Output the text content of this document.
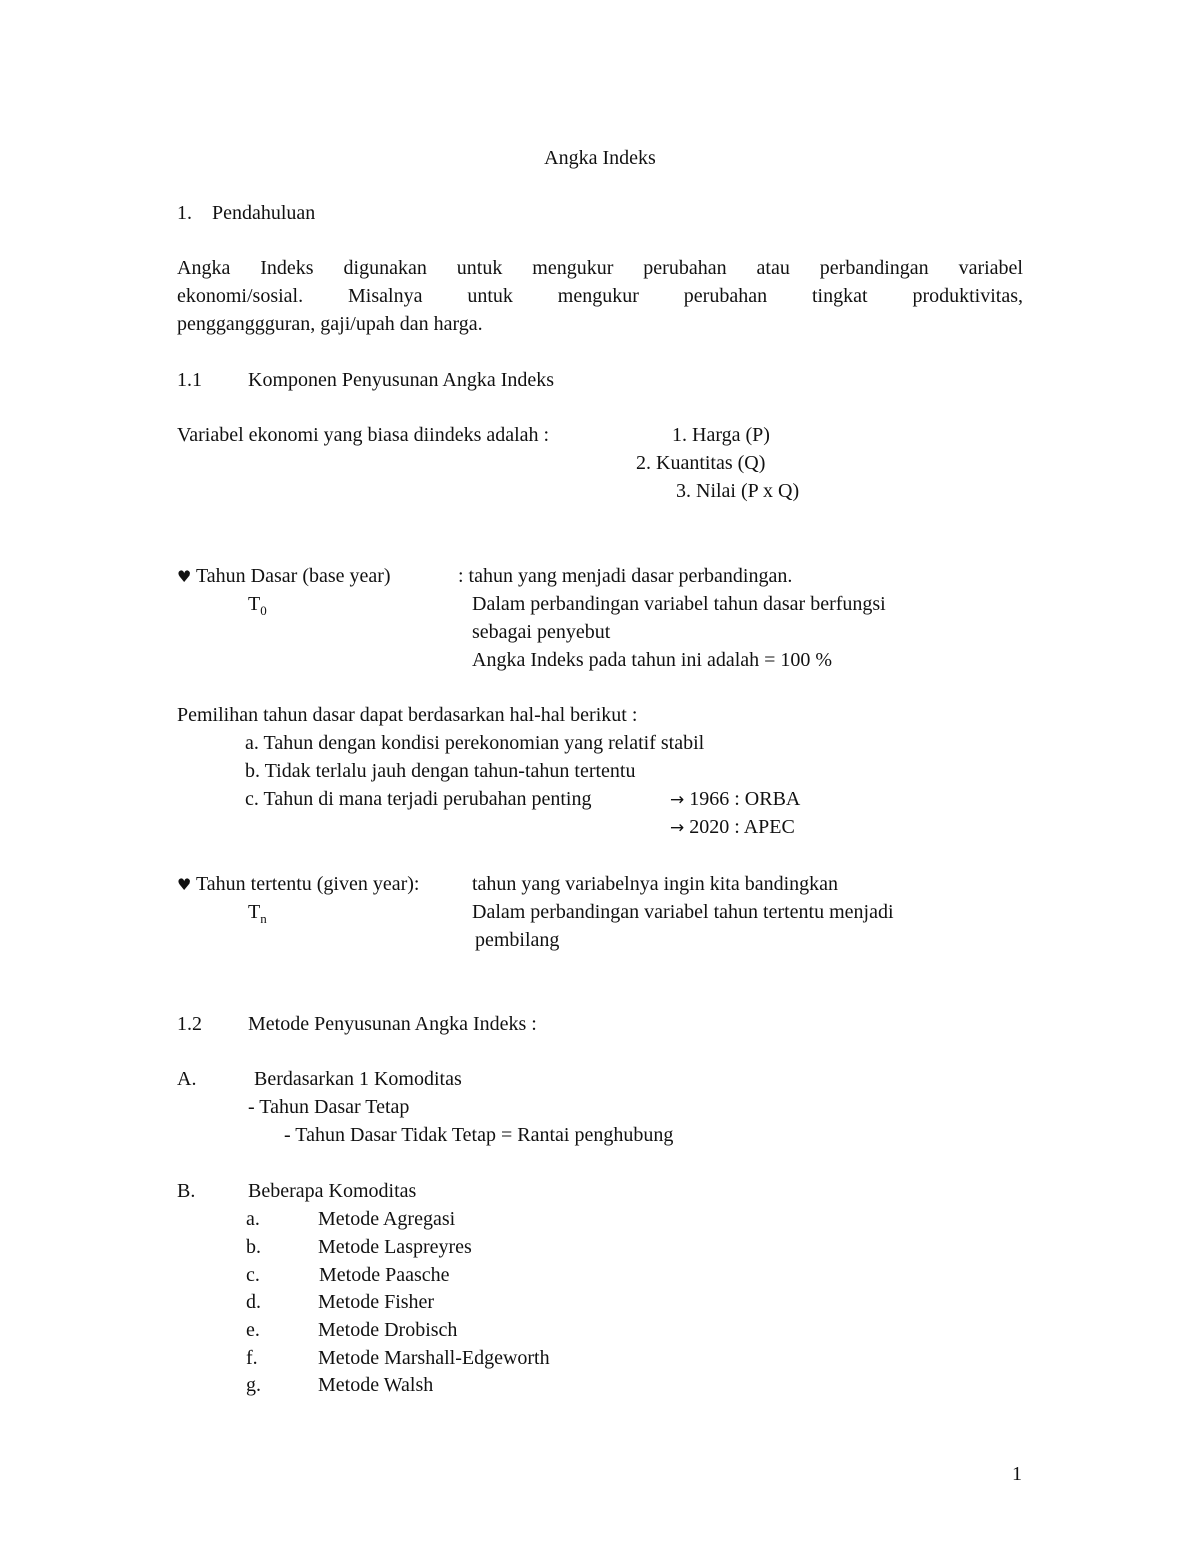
Angka Indeks
1. Pendahuluan
Angka Indeks digunakan untuk mengukur perubahan atau perbandingan variabel
ekonomi/sosial. Misalnya untuk mengukur perubahan tingkat produktivitas,
pengganggguran, gaji/upah dan harga.
1.1 Komponen Penyusunan Angka Indeks
Variabel ekonomi yang biasa diindeks adalah :	1. Harga (P)
2. Kuantitas (Q)
3. Nilai (P x Q)
♥ Tahun Dasar (base year)	: tahun yang menjadi dasar perbandingan.
$T_0$	Dalam perbandingan variabel tahun dasar berfungsi
sebagai penyebut
Angka Indeks pada tahun ini adalah = 100 %
Pemilihan tahun dasar dapat berdasarkan hal-hal berikut :
a. Tahun dengan kondisi perekonomian yang relatif stabil
b. Tidak terlalu jauh dengan tahun-tahun tertentu
c. Tahun di mana terjadi perubahan penting	→ 1966 : ORBA
→ 2020 : APEC
♥ Tahun tertentu (given year):	tahun yang variabelnya ingin kita bandingkan
$T_n$	Dalam perbandingan variabel tahun tertentu menjadi
pembilang
1.2 Metode Penyusunan Angka Indeks :
A.	Berdasarkan 1 Komoditas
- Tahun Dasar Tetap
- Tahun Dasar Tidak Tetap = Rantai penghubung
B.	Beberapa Komoditas
a.	Metode Agregasi
b.	Metode Laspreyres
c.	Metode Paasche
d.	Metode Fisher
e.	Metode Drobisch
f.	Metode Marshall-Edgeworth
g.	Metode Walsh
1
